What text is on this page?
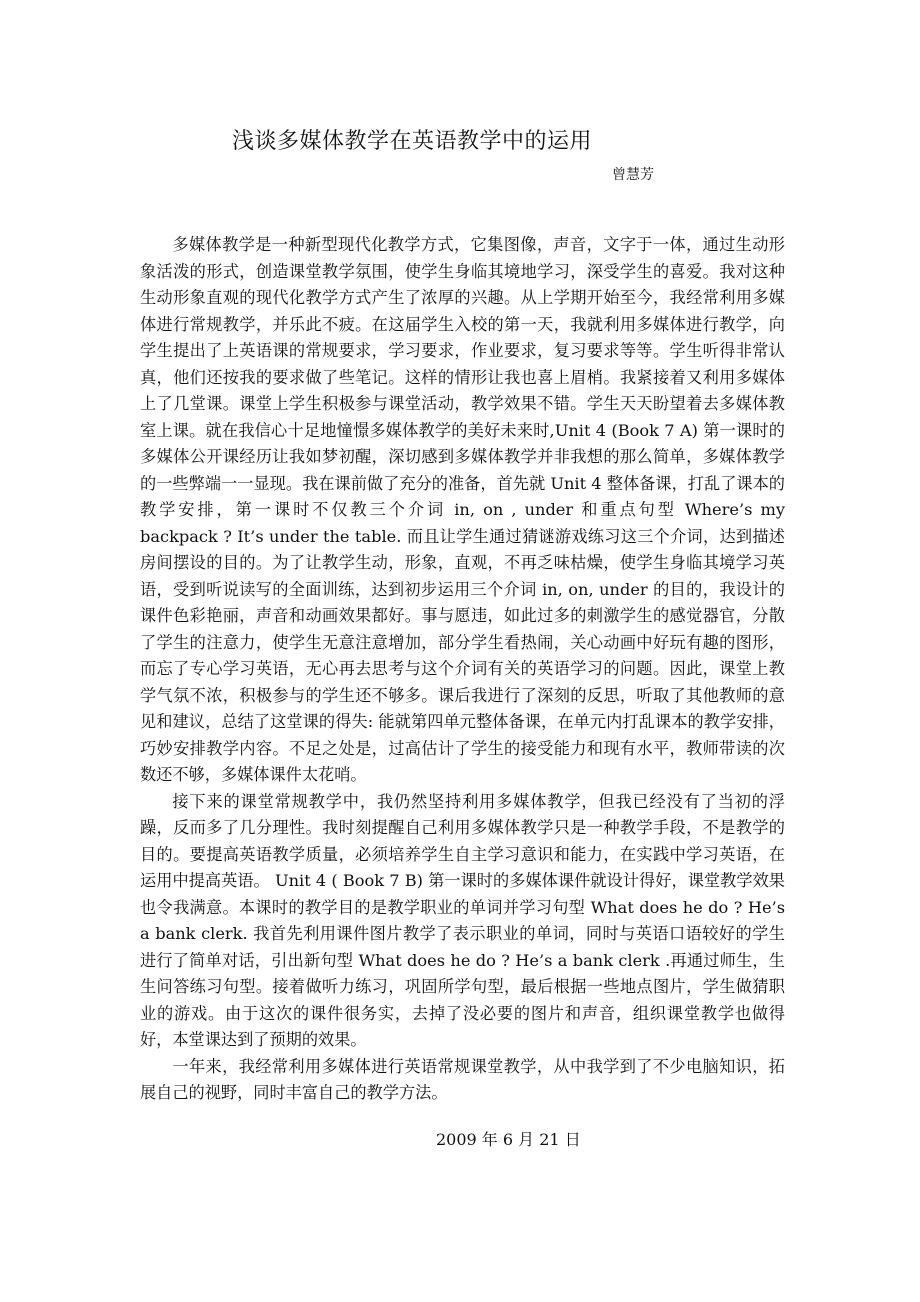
浅谈多媒体教学在英语教学中的运用
曾慧芳

多媒体教学是一种新型现代化教学方式，它集图像，声音，文字于一体，通过生动形象活泼的形式，创造课堂教学氛围，使学生身临其境地学习，深受学生的喜爱。我对这种生动形象直观的现代化教学方式产生了浓厚的兴趣。从上学期开始至今，我经常利用多媒体进行常规教学，并乐此不疲。在这届学生入校的第一天，我就利用多媒体进行教学，向学生提出了上英语课的常规要求，学习要求，作业要求，复习要求等等。学生听得非常认真，他们还按我的要求做了些笔记。这样的情形让我也喜上眉梢。我紧接着又利用多媒体上了几堂课。课堂上学生积极参与课堂活动，教学效果不错。学生天天盼望着去多媒体教室上课。就在我信心十足地憧憬多媒体教学的美好未来时,Unit 4 (Book 7 A) 第一课时的多媒体公开课经历让我如梦初醒，深切感到多媒体教学并非我想的那么简单，多媒体教学的一些弊端一一显现。我在课前做了充分的准备，首先就 Unit 4 整体备课，打乱了课本的教学安排，第一课时不仅教三个介词 in, on , under 和重点句型 Where’s my backpack ? It’s under the table. 而且让学生通过猜谜游戏练习这三个介词，达到描述房间摆设的目的。为了让教学生动，形象，直观，不再乏味枯燥，使学生身临其境学习英语，受到听说读写的全面训练，达到初步运用三个介词 in, on, under 的目的，我设计的课件色彩艳丽，声音和动画效果都好。事与愿违，如此过多的刺激学生的感觉器官，分散了学生的注意力，使学生无意注意增加，部分学生看热闹，关心动画中好玩有趣的图形，而忘了专心学习英语，无心再去思考与这个介词有关的英语学习的问题。因此，课堂上教学气氛不浓，积极参与的学生还不够多。课后我进行了深刻的反思，听取了其他教师的意见和建议，总结了这堂课的得失: 能就第四单元整体备课，在单元内打乱课本的教学安排，巧妙安排教学内容。不足之处是，过高估计了学生的接受能力和现有水平，教师带读的次数还不够，多媒体课件太花哨。

接下来的课堂常规教学中，我仍然坚持利用多媒体教学，但我已经没有了当初的浮躁，反而多了几分理性。我时刻提醒自己利用多媒体教学只是一种教学手段，不是教学的目的。要提高英语教学质量，必须培养学生自主学习意识和能力，在实践中学习英语，在运用中提高英语。 Unit 4 ( Book 7 B) 第一课时的多媒体课件就设计得好，课堂教学效果也令我满意。本课时的教学目的是教学职业的单词并学习句型 What does he do ? He’s a bank clerk. 我首先利用课件图片教学了表示职业的单词，同时与英语口语较好的学生进行了简单对话，引出新句型 What does he do ? He’s a bank clerk .再通过师生，生生问答练习句型。接着做听力练习，巩固所学句型，最后根据一些地点图片，学生做猜职业的游戏。由于这次的课件很务实，去掉了没必要的图片和声音，组织课堂教学也做得好，本堂课达到了预期的效果。

一年来，我经常利用多媒体进行英语常规课堂教学，从中我学到了不少电脑知识，拓展自己的视野，同时丰富自己的教学方法。

2009 年 6 月 21 日
